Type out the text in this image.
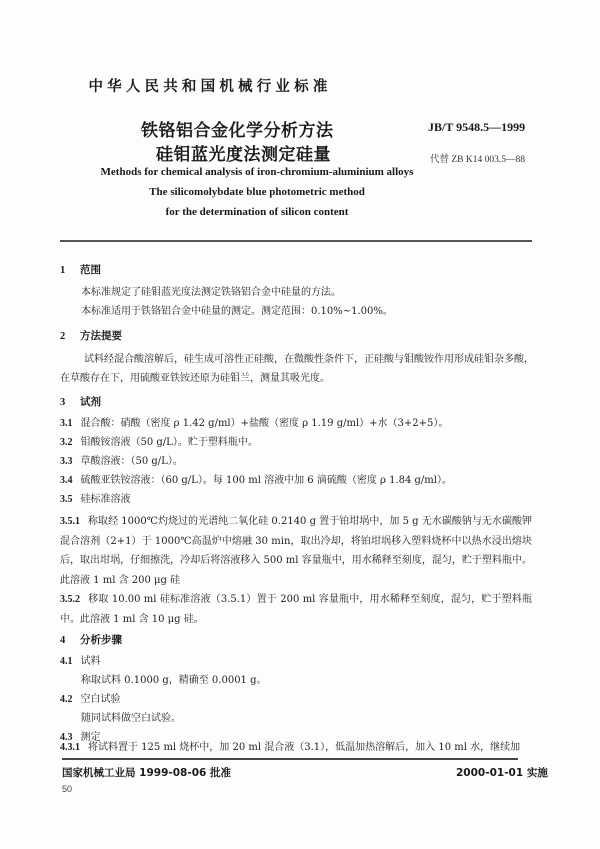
中华人民共和国机械行业标准
铁铬铝合金化学分析方法
硅钼蓝光度法测定硅量
JB/T 9548.5—1999
代替 ZB K14 003.5—88
Methods for chemical analysis of iron-chromium-aluminium alloys
The silicomolybdate blue photometric method
for the determination of silicon content
1 范围
本标准规定了硅钼蓝光度法测定铁铬铝合金中硅量的方法。
本标准适用于铁铬铝合金中硅量的测定。测定范围：0.10%~1.00%。
2 方法提要
试料经混合酸溶解后，硅生成可溶性正硅酸，在微酸性条件下，正硅酸与钼酸铵作用形成硅钼杂多酸，在草酸存在下，用硫酸亚铁铵还原为硅钼兰，测量其吸光度。
3 试剂
3.1 混合酸：硝酸（密度 ρ 1.42 g/ml）+盐酸（密度 ρ 1.19 g/ml）+水（3+2+5）。
3.2 钼酸铵溶液（50 g/L）。贮于塑料瓶中。
3.3 草酸溶液：（50 g/L）。
3.4 硫酸亚铁铵溶液：（60 g/L）。每 100 ml 溶液中加 6 滴硫酸（密度 ρ 1.84 g/ml）。
3.5 硅标准溶液
3.5.1 称取经 1000℃灼烧过的光谱纯二氧化硅 0.2140 g 置于铂坩埚中，加 5 g 无水碳酸钠与无水碳酸钾混合溶剂（2+1）于 1000℃高温炉中熔融 30 min，取出冷却，将铂坩埚移入塑料烧杯中以热水浸出熔块后，取出坩埚，仔细擦洗，冷却后将溶液移入 500 ml 容量瓶中，用水稀释至刻度，混匀，贮于塑料瓶中。此溶液 1 ml 含 200 μg 硅
3.5.2 移取 10.00 ml 硅标准溶液（3.5.1）置于 200 ml 容量瓶中，用水稀释至刻度，混匀，贮于塑料瓶中。此溶液 1 ml 含 10 μg 硅。
4 分析步骤
4.1 试料
称取试料 0.1000 g，精确至 0.0001 g。
4.2 空白试验
随同试料做空白试验。
4.3 测定
4.3.1 将试料置于 125 ml 烧杯中，加 20 ml 混合液（3.1），低温加热溶解后，加入 10 ml 水，继续加
国家机械工业局 1999-08-06 批准	2000-01-01 实施
50
